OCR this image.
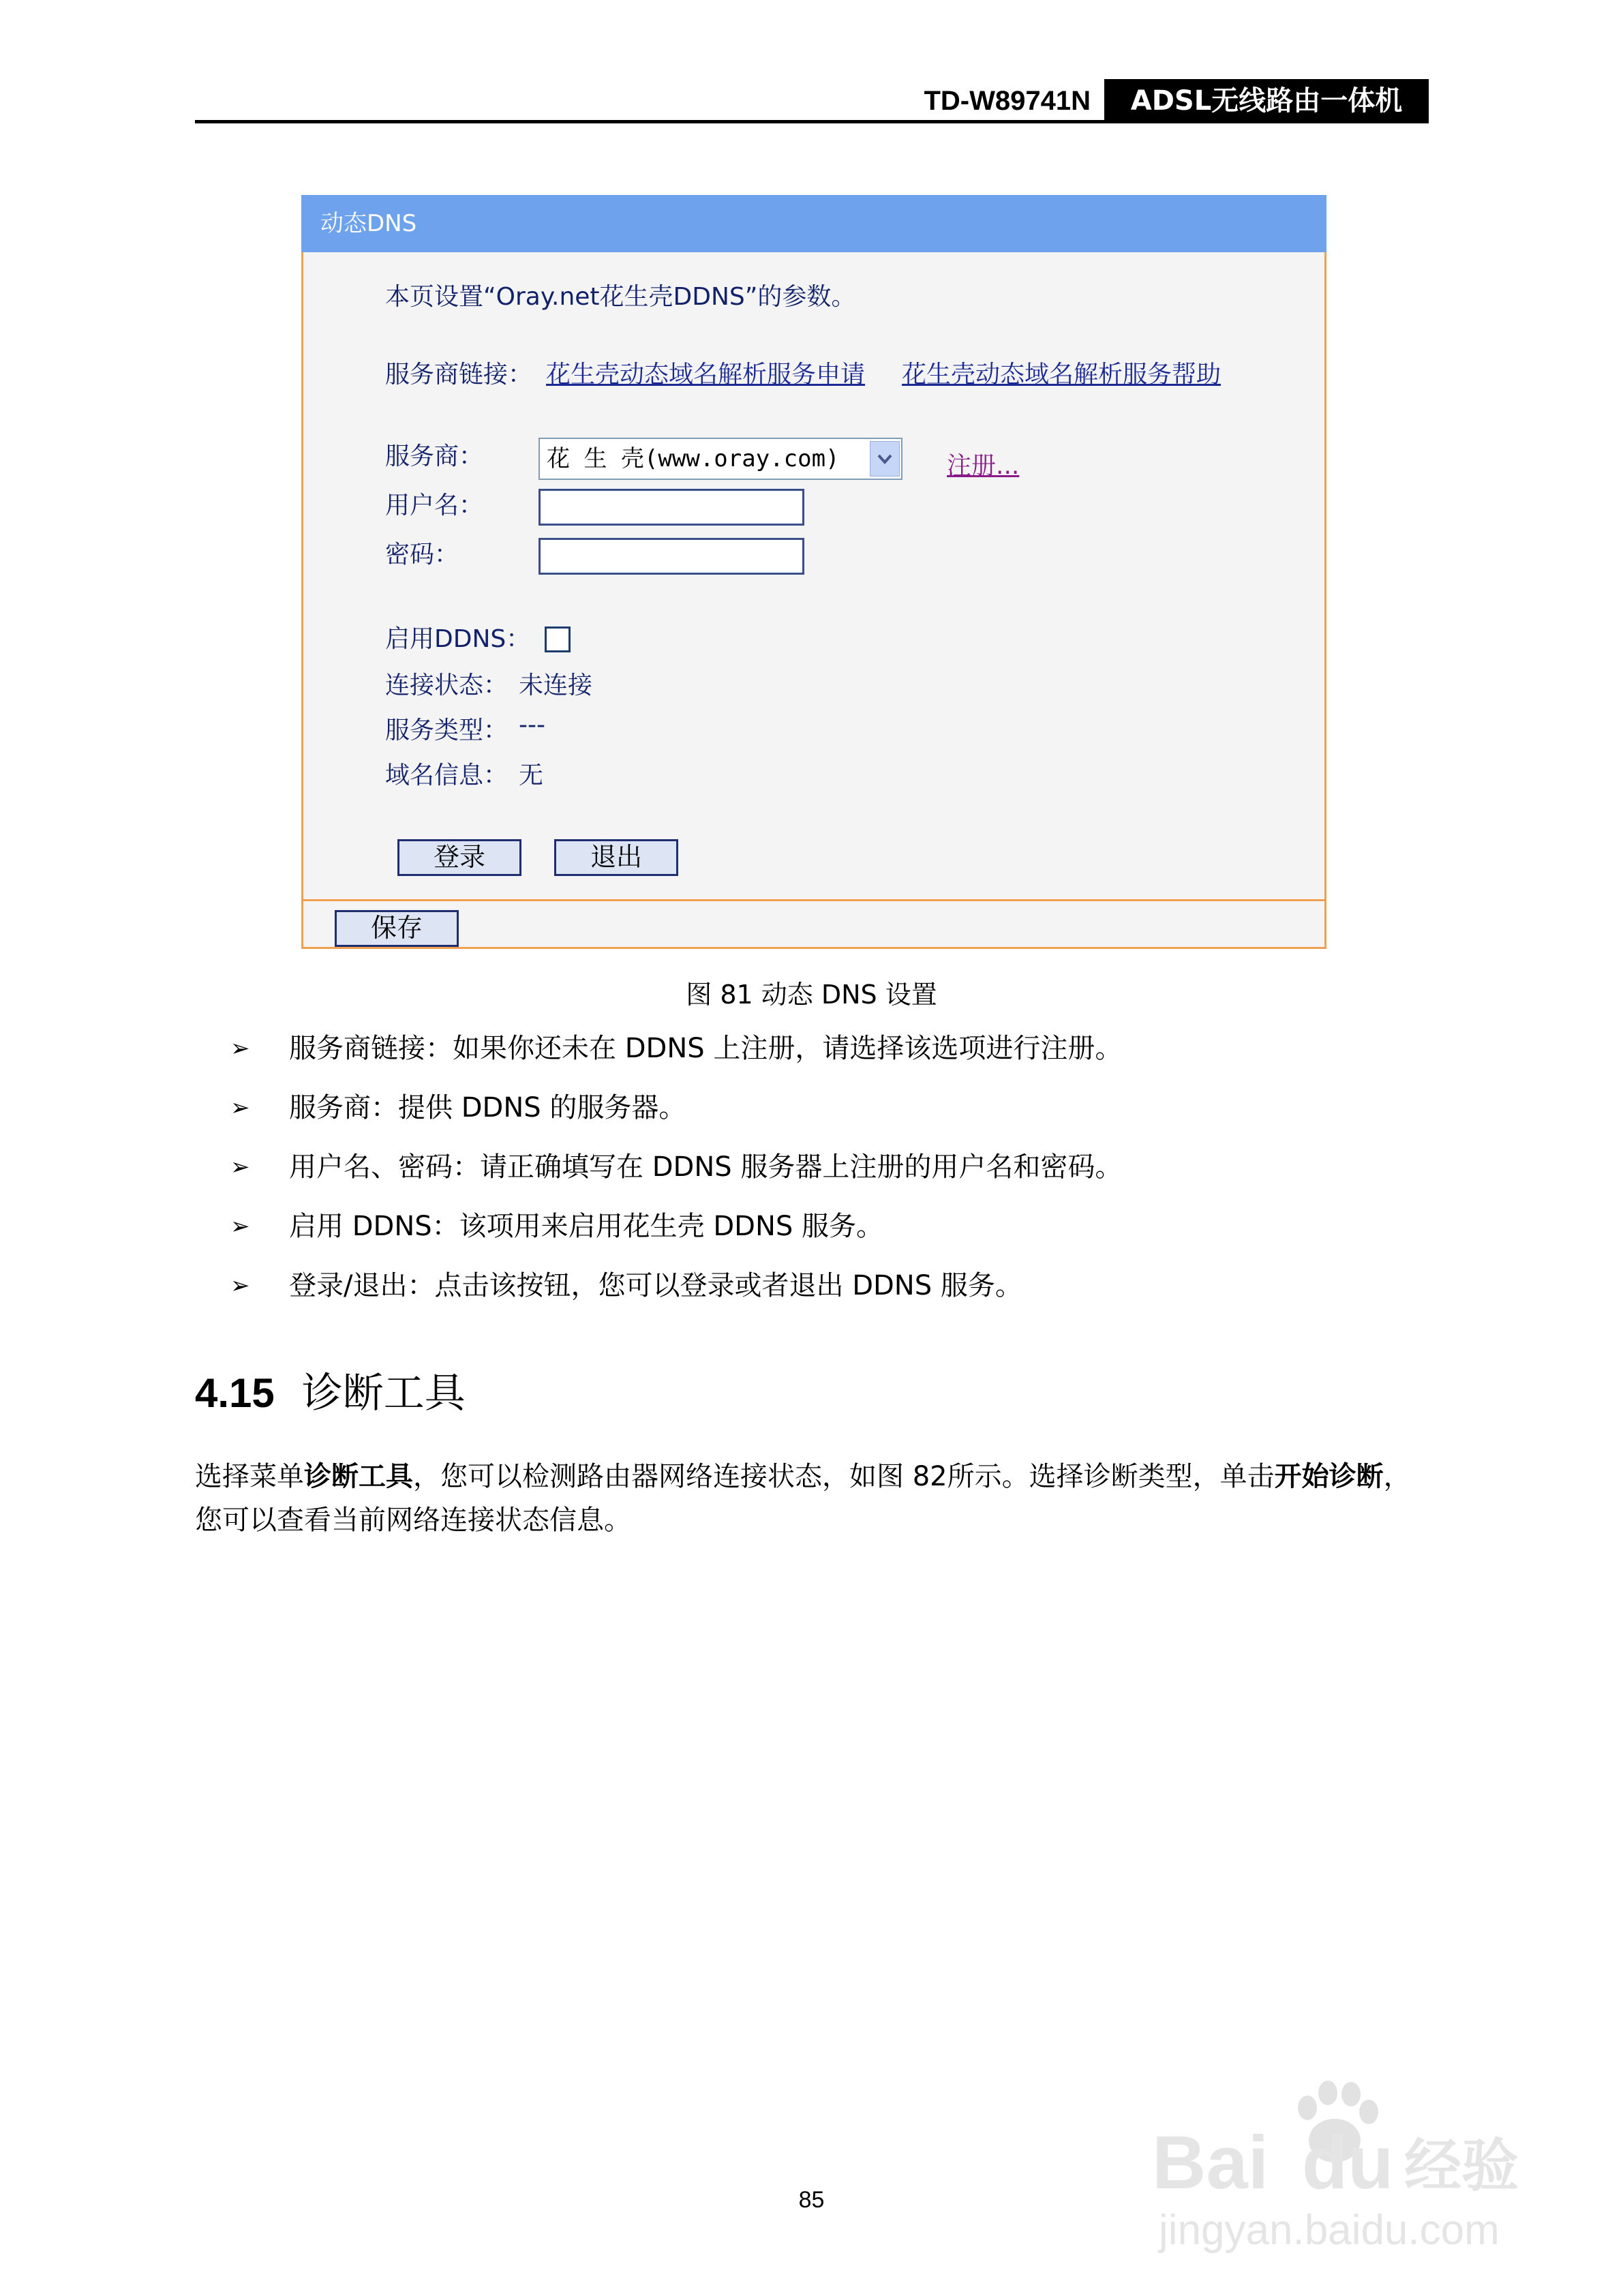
TD-W89741N	ADSL无线路由一体机
动态DNS
本页设置“Oray.net花生壳DDNS”的参数。
服务商链接： 花生壳动态域名解析服务申请 花生壳动态域名解析服务帮助
服务商：	花 生 壳(www.oray.com)	注册...
用户名：
密码：
启用DDNS：
连接状态： 未连接
服务类型： ---
域名信息： 无
登录	退出
保存
图 81 动态 DNS 设置
➢ 服务商链接：如果你还未在 DDNS 上注册，请选择该选项进行注册。
➢ 服务商：提供 DDNS 的服务器。
➢ 用户名、密码：请正确填写在 DDNS 服务器上注册的用户名和密码。
➢ 启用 DDNS：该项用来启用花生壳 DDNS 服务。
➢ 登录/退出：点击该按钮，您可以登录或者退出 DDNS 服务。
4.15 诊断工具
选择菜单诊断工具，您可以检测路由器网络连接状态，如图 82所示。选择诊断类型，单击开始诊断，您可以查看当前网络连接状态信息。
85	Bai du 经验
jingyan.baidu.com
